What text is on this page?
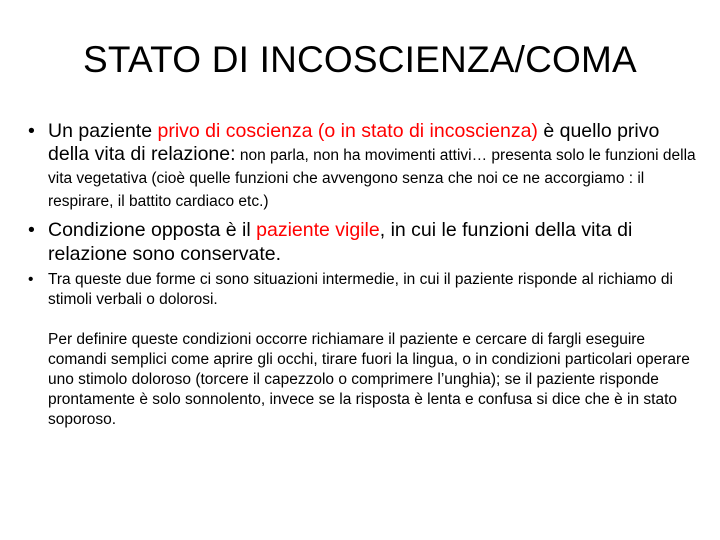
STATO DI INCOSCIENZA/COMA
• Un paziente privo di coscienza (o in stato di incoscienza) è quello privo della vita di relazione: non parla, non ha movimenti attivi… presenta solo le funzioni della vita vegetativa (cioè quelle funzioni che avvengono senza che noi ce ne accorgiamo : il respirare, il battito cardiaco etc.)
• Condizione opposta è il paziente vigile, in cui le funzioni della vita di relazione sono conservate.
• Tra queste due forme ci sono situazioni intermedie, in cui il paziente risponde al richiamo di stimoli verbali o dolorosi.
Per definire queste condizioni occorre richiamare il paziente e cercare di fargli eseguire comandi semplici come aprire gli occhi, tirare fuori la lingua, o in condizioni particolari operare uno stimolo doloroso (torcere il capezzolo o comprimere l’unghia); se il paziente risponde prontamente è solo sonnolento, invece se la risposta è lenta e confusa si dice che è in stato soporoso.
